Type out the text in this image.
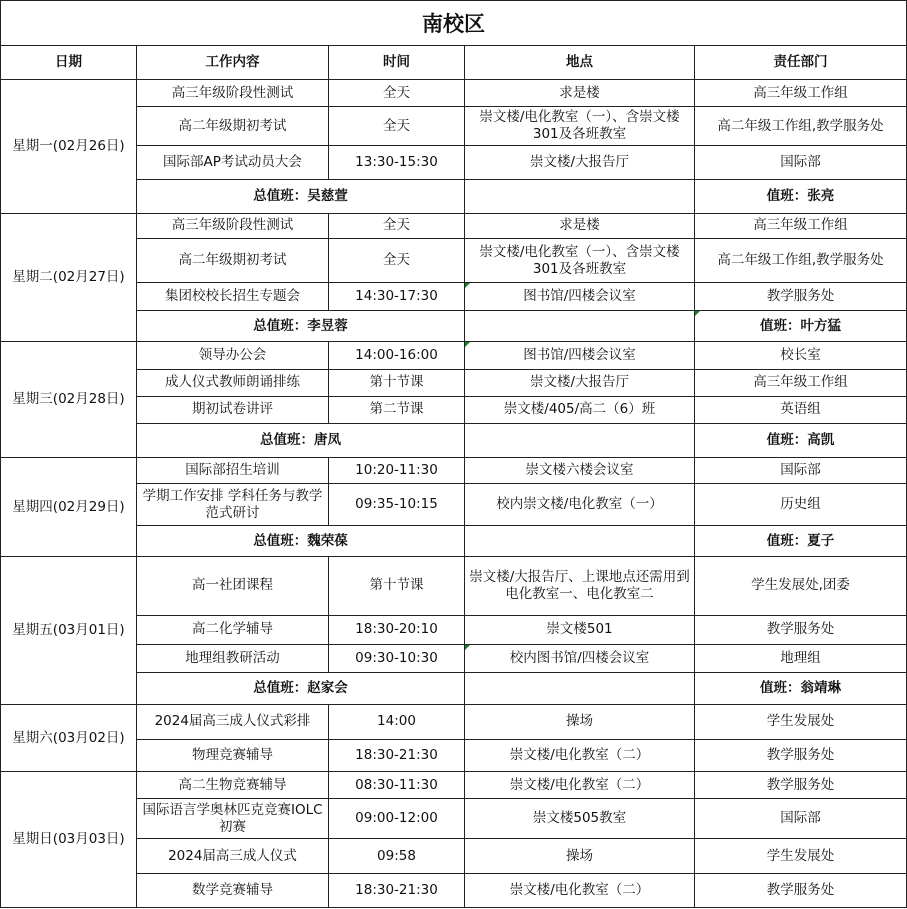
南校区				
日期	工作内容	时间	地点	责任部门
星期一(02月26日)	高三年级阶段性测试	全天	求是楼	高三年级工作组
	高二年级期初考试	全天	崇文楼/电化教室（一）、含崇文楼301及各班教室	高二年级工作组,教学服务处
	国际部AP考试动员大会	13:30-15:30	崇文楼/大报告厅	国际部
	总值班：吴慈萱			值班：张亮
星期二(02月27日)	高三年级阶段性测试	全天	求是楼	高三年级工作组
	高二年级期初考试	全天	崇文楼/电化教室（一）、含崇文楼301及各班教室	高二年级工作组,教学服务处
	集团校校长招生专题会	14:30-17:30	图书馆/四楼会议室	教学服务处
	总值班：李昱蓉			值班：叶方猛
星期三(02月28日)	领导办公会	14:00-16:00	图书馆/四楼会议室	校长室
	成人仪式教师朗诵排练	第十节课	崇文楼/大报告厅	高三年级工作组
	期初试卷讲评	第二节课	崇文楼/405/高二（6）班	英语组
	总值班：唐凤			值班：高凯
星期四(02月29日)	国际部招生培训	10:20-11:30	崇文楼六楼会议室	国际部
	学期工作安排 学科任务与教学范式研讨	09:35-10:15	校内崇文楼/电化教室（一）	历史组
	总值班：魏荣葆			值班：夏子
星期五(03月01日)	高一社团课程	第十节课	崇文楼/大报告厅、上课地点还需用到电化教室一、电化教室二	学生发展处,团委
	高二化学辅导	18:30-20:10	崇文楼501	教学服务处
	地理组教研活动	09:30-10:30	校内图书馆/四楼会议室	地理组
	总值班：赵家会			值班：翁靖琳
星期六(03月02日)	2024届高三成人仪式彩排	14:00	操场	学生发展处
	物理竞赛辅导	18:30-21:30	崇文楼/电化教室（二）	教学服务处
星期日(03月03日)	高二生物竞赛辅导	08:30-11:30	崇文楼/电化教室（二）	教学服务处
	国际语言学奥林匹克竞赛IOLC初赛	09:00-12:00	崇文楼505教室	国际部
	2024届高三成人仪式	09:58	操场	学生发展处
	数学竞赛辅导	18:30-21:30	崇文楼/电化教室（二）	教学服务处
